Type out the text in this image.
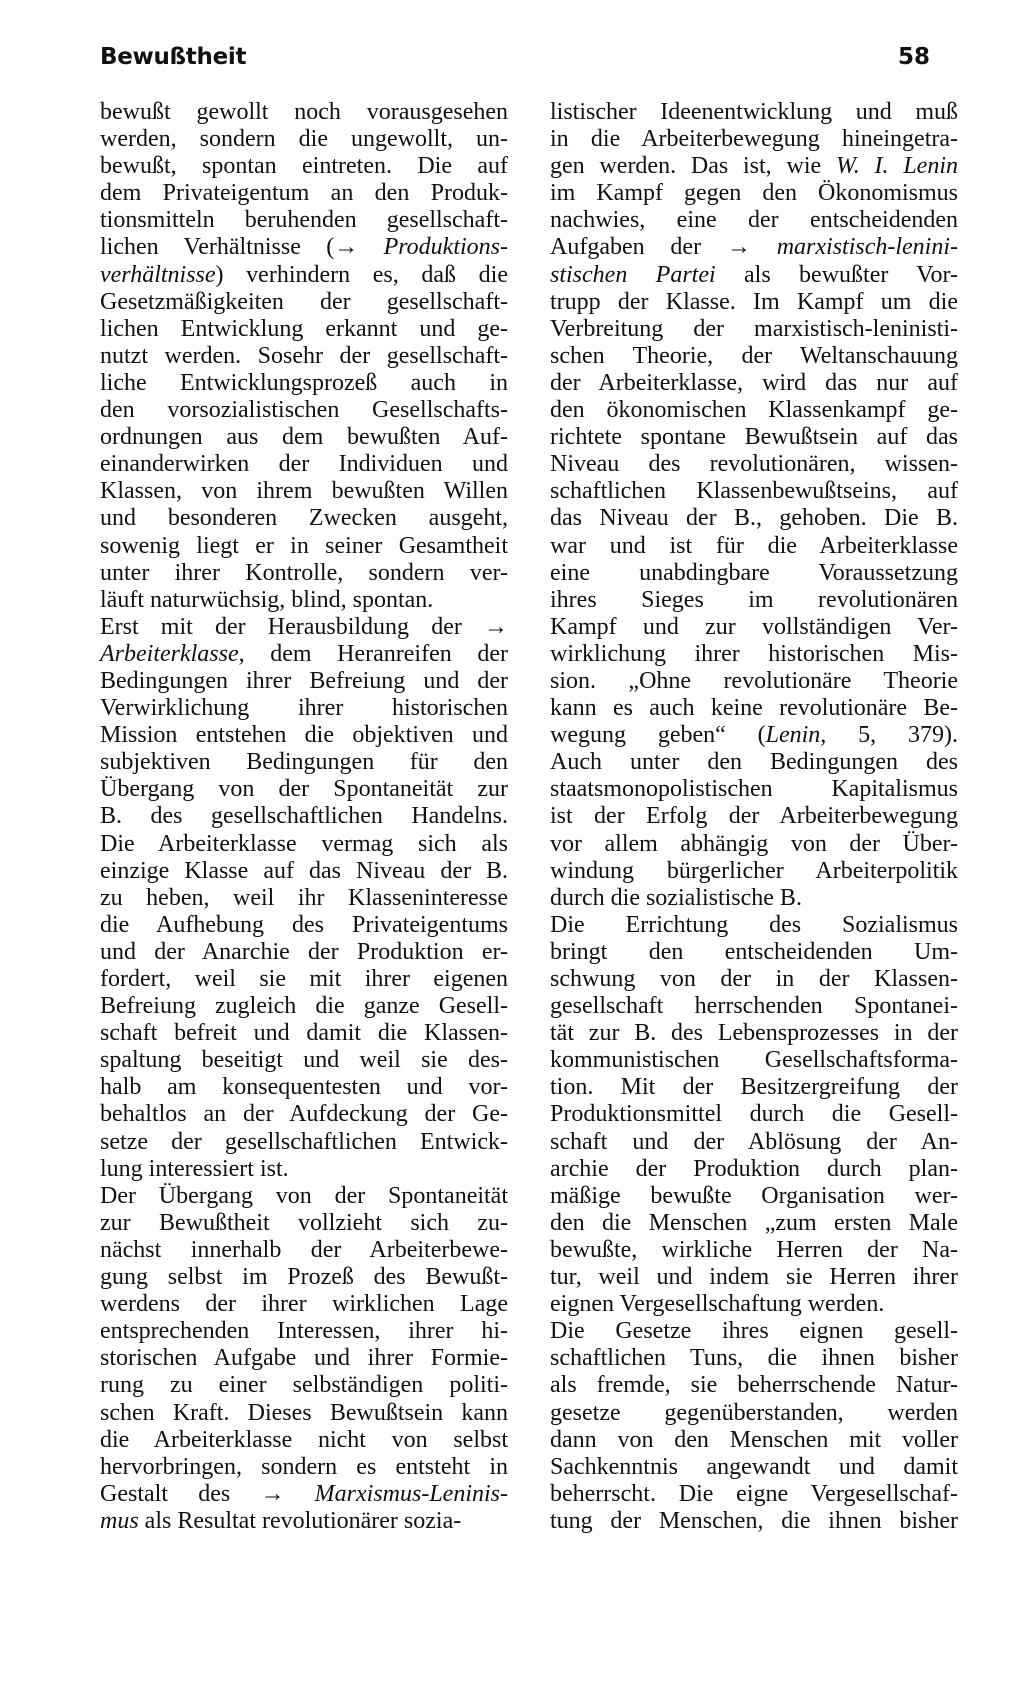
Bewußtheit	58
bewußt gewollt noch vorausgesehen
werden, sondern die ungewollt, un-
bewußt, spontan eintreten. Die auf
dem Privateigentum an den Produk-
tionsmitteln beruhenden gesellschaft-
lichen Verhältnisse (→ Produktions-
verhältnisse) verhindern es, daß die
Gesetzmäßigkeiten der gesellschaft-
lichen Entwicklung erkannt und ge-
nutzt werden. Sosehr der gesellschaft-
liche Entwicklungsprozeß auch in
den vorsozialistischen Gesellschafts-
ordnungen aus dem bewußten Auf-
einanderwirken der Individuen und
Klassen, von ihrem bewußten Willen
und besonderen Zwecken ausgeht,
sowenig liegt er in seiner Gesamtheit
unter ihrer Kontrolle, sondern ver-
läuft naturwüchsig, blind, spontan.
Erst mit der Herausbildung der →
Arbeiterklasse, dem Heranreifen der
Bedingungen ihrer Befreiung und der
Verwirklichung ihrer historischen
Mission entstehen die objektiven und
subjektiven Bedingungen für den
Übergang von der Spontaneität zur
B. des gesellschaftlichen Handelns.
Die Arbeiterklasse vermag sich als
einzige Klasse auf das Niveau der B.
zu heben, weil ihr Klasseninteresse
die Aufhebung des Privateigentums
und der Anarchie der Produktion er-
fordert, weil sie mit ihrer eigenen
Befreiung zugleich die ganze Gesell-
schaft befreit und damit die Klassen-
spaltung beseitigt und weil sie des-
halb am konsequentesten und vor-
behaltlos an der Aufdeckung der Ge-
setze der gesellschaftlichen Entwick-
lung interessiert ist.
Der Übergang von der Spontaneität
zur Bewußtheit vollzieht sich zu-
nächst innerhalb der Arbeiterbewe-
gung selbst im Prozeß des Bewußt-
werdens der ihrer wirklichen Lage
entsprechenden Interessen, ihrer hi-
storischen Aufgabe und ihrer Formie-
rung zu einer selbständigen politi-
schen Kraft. Dieses Bewußtsein kann
die Arbeiterklasse nicht von selbst
hervorbringen, sondern es entsteht in
Gestalt des → Marxismus-Leninis-
mus als Resultat revolutionärer sozia-
listischer Ideenentwicklung und muß
in die Arbeiterbewegung hineingetra-
gen werden. Das ist, wie W. I. Lenin
im Kampf gegen den Ökonomismus
nachwies, eine der entscheidenden
Aufgaben der → marxistisch-lenini-
stischen Partei als bewußter Vor-
trupp der Klasse. Im Kampf um die
Verbreitung der marxistisch-leninisti-
schen Theorie, der Weltanschauung
der Arbeiterklasse, wird das nur auf
den ökonomischen Klassenkampf ge-
richtete spontane Bewußtsein auf das
Niveau des revolutionären, wissen-
schaftlichen Klassenbewußtseins, auf
das Niveau der B., gehoben. Die B.
war und ist für die Arbeiterklasse
eine unabdingbare Voraussetzung
ihres Sieges im revolutionären
Kampf und zur vollständigen Ver-
wirklichung ihrer historischen Mis-
sion. „Ohne revolutionäre Theorie
kann es auch keine revolutionäre Be-
wegung geben“ (Lenin, 5, 379).
Auch unter den Bedingungen des
staatsmonopolistischen Kapitalismus
ist der Erfolg der Arbeiterbewegung
vor allem abhängig von der Über-
windung bürgerlicher Arbeiterpolitik
durch die sozialistische B.
Die Errichtung des Sozialismus
bringt den entscheidenden Um-
schwung von der in der Klassen-
gesellschaft herrschenden Spontanei-
tät zur B. des Lebensprozesses in der
kommunistischen Gesellschaftsforma-
tion. Mit der Besitzergreifung der
Produktionsmittel durch die Gesell-
schaft und der Ablösung der An-
archie der Produktion durch plan-
mäßige bewußte Organisation wer-
den die Menschen „zum ersten Male
bewußte, wirkliche Herren der Na-
tur, weil und indem sie Herren ihrer
eignen Vergesellschaftung werden.
Die Gesetze ihres eignen gesell-
schaftlichen Tuns, die ihnen bisher
als fremde, sie beherrschende Natur-
gesetze gegenüberstanden, werden
dann von den Menschen mit voller
Sachkenntnis angewandt und damit
beherrscht. Die eigne Vergesellschaf-
tung der Menschen, die ihnen bisher
